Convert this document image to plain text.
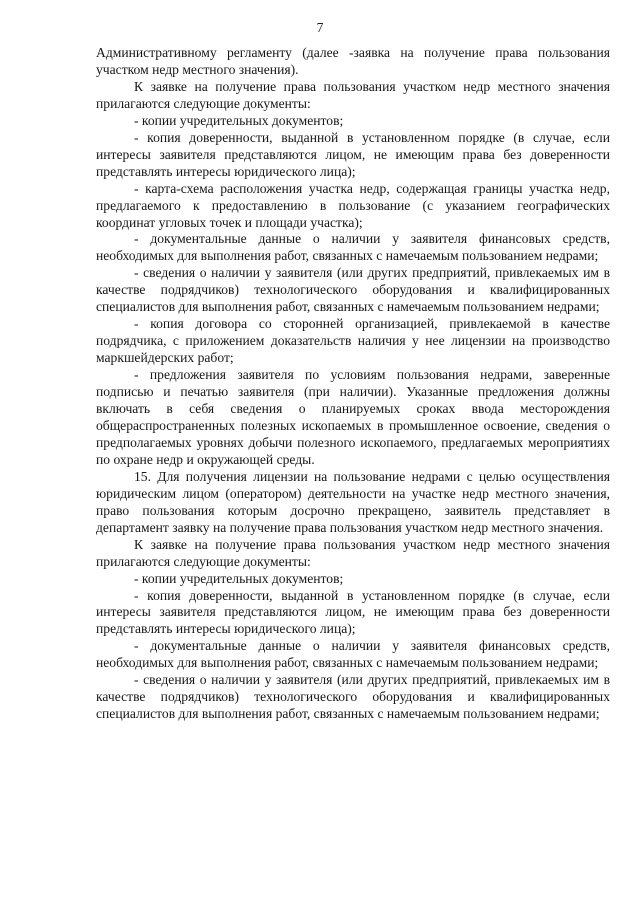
7

Административному регламенту (далее -заявка на получение права пользования участком недр местного значения).

К заявке на получение права пользования участком недр местного значения прилагаются следующие документы:

- копии учредительных документов;

- копия доверенности, выданной в установленном порядке (в случае, если интересы заявителя представляются лицом, не имеющим права без доверенности представлять интересы юридического лица);

- карта-схема расположения участка недр, содержащая границы участка недр, предлагаемого к предоставлению в пользование (с указанием географических координат угловых точек и площади участка);

- документальные данные о наличии у заявителя финансовых средств, необходимых для выполнения работ, связанных с намечаемым пользованием недрами;

- сведения о наличии у заявителя (или других предприятий, привлекаемых им в качестве подрядчиков) технологического оборудования и квалифицированных специалистов для выполнения работ, связанных с намечаемым пользованием недрами;

- копия договора со сторонней организацией, привлекаемой в качестве подрядчика, с приложением доказательств наличия у нее лицензии на производство маркшейдерских работ;

- предложения заявителя по условиям пользования недрами, заверенные подписью и печатью заявителя (при наличии). Указанные предложения должны включать в себя сведения о планируемых сроках ввода месторождения общераспространенных полезных ископаемых в промышленное освоение, сведения о предполагаемых уровнях добычи полезного ископаемого, предлагаемых мероприятиях по охране недр и окружающей среды.

15. Для получения лицензии на пользование недрами с целью осуществления юридическим лицом (оператором) деятельности на участке недр местного значения, право пользования которым досрочно прекращено, заявитель представляет в департамент заявку на получение права пользования участком недр местного значения.

К заявке на получение права пользования участком недр местного значения прилагаются следующие документы:

- копии учредительных документов;

- копия доверенности, выданной в установленном порядке (в случае, если интересы заявителя представляются лицом, не имеющим права без доверенности представлять интересы юридического лица);

- документальные данные о наличии у заявителя финансовых средств, необходимых для выполнения работ, связанных с намечаемым пользованием недрами;

- сведения о наличии у заявителя (или других предприятий, привлекаемых им в качестве подрядчиков) технологического оборудования и квалифицированных специалистов для выполнения работ, связанных с намечаемым пользованием недрами;
